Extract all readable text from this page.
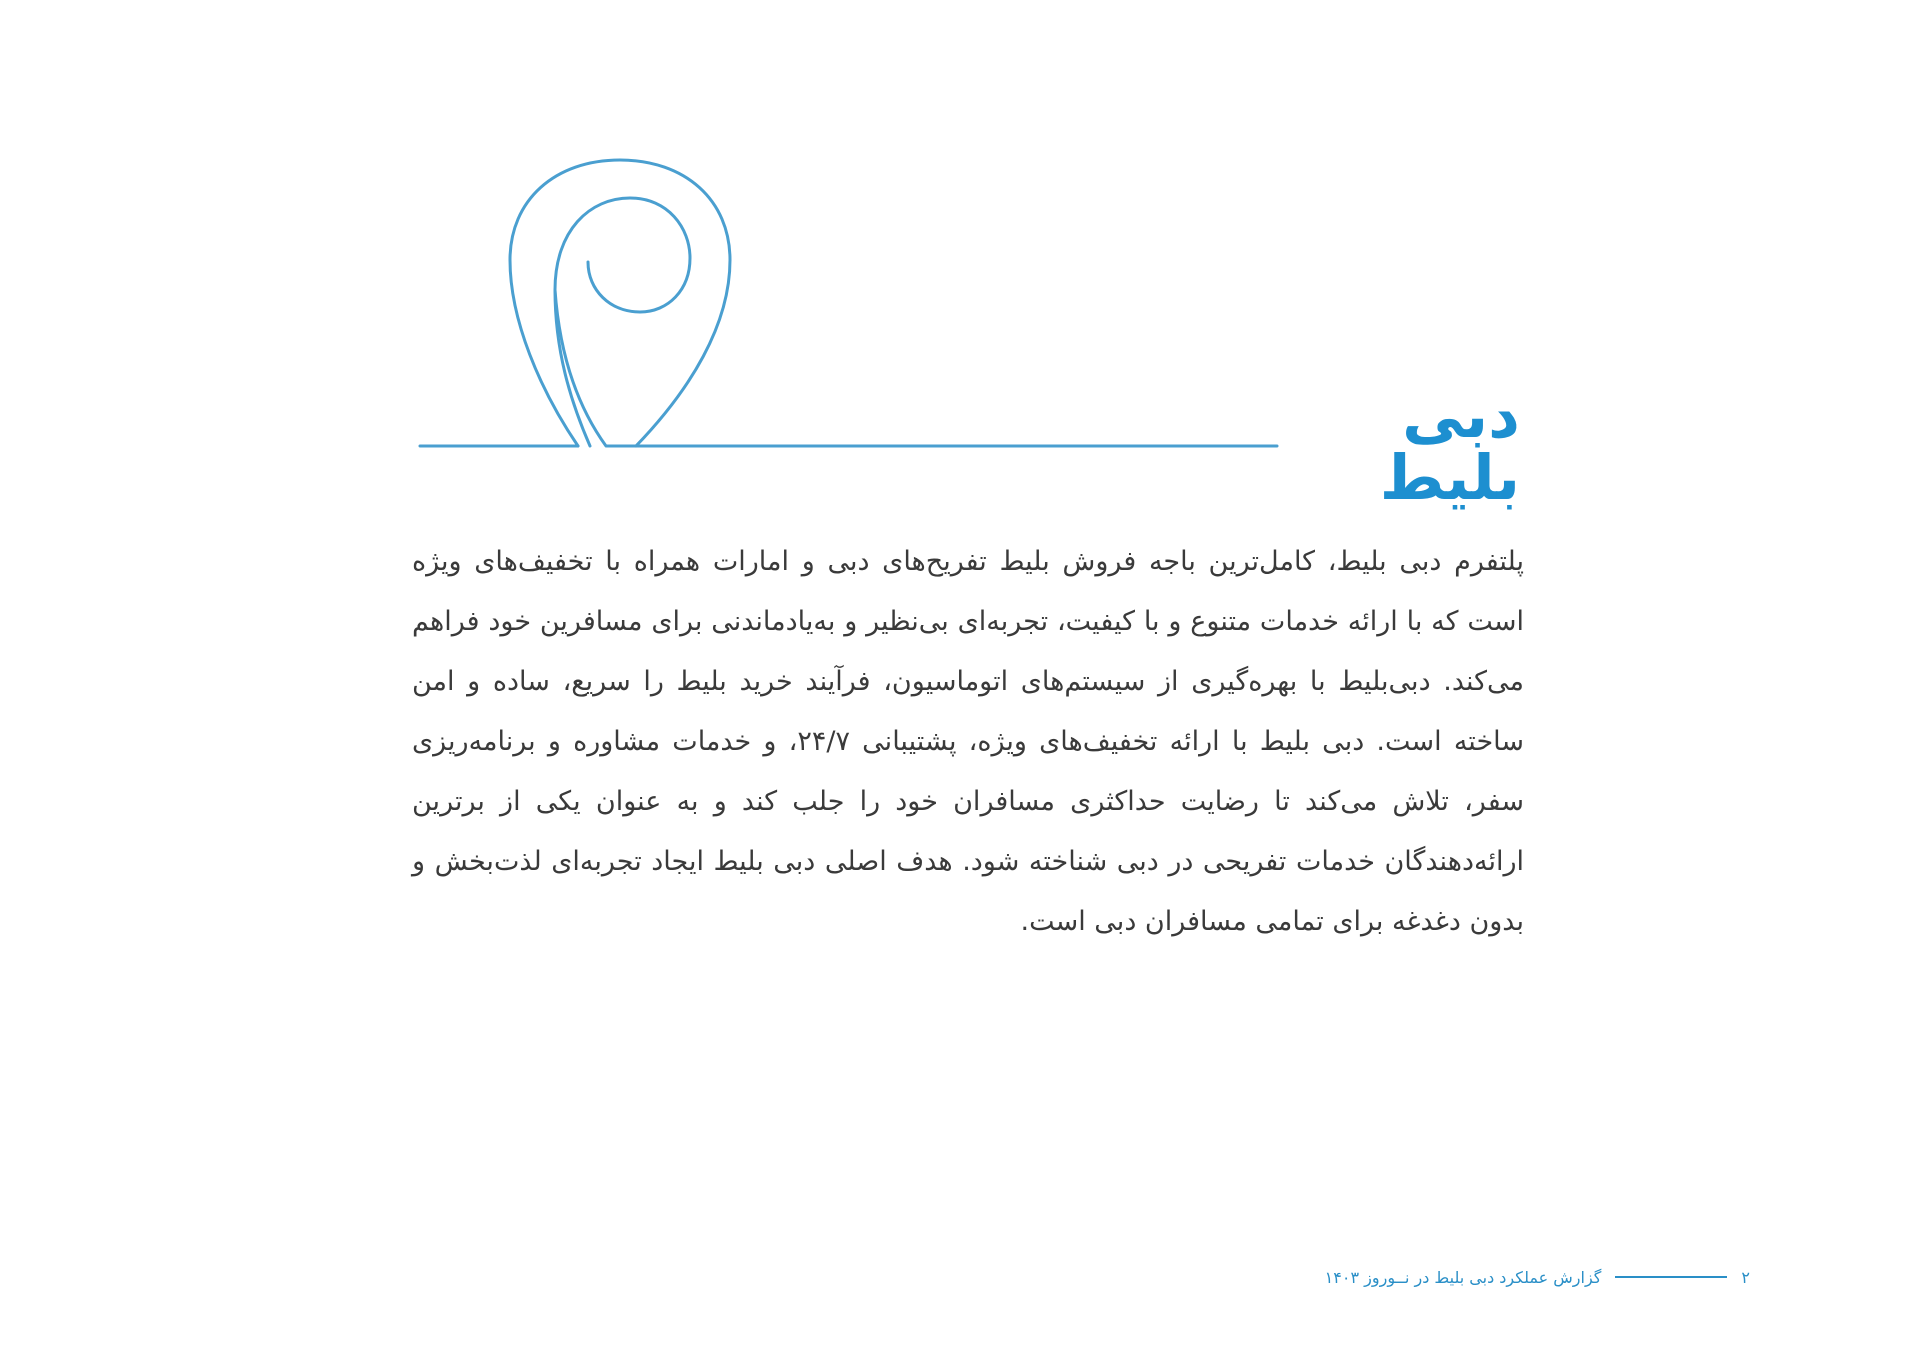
دبی بلیط

پلتفرم دبی بلیط، کامل‌ترین باجه فروش بلیط تفریح‌های دبی و امارات همراه با تخفیف‌های ویژه است که با ارائه خدمات متنوع و با کیفیت، تجربه‌ای بی‌نظیر و به‌یادماندنی برای مسافرین خود فراهم می‌کند. دبی‌بلیط با بهره‌گیری از سیستم‌های اتوماسیون، فرآیند خرید بلیط را سریع، ساده و امن ساخته است. دبی بلیط با ارائه تخفیف‌های ویژه، پشتیبانی ۲۴/۷، و خدمات مشاوره و برنامه‌ریزی سفر، تلاش می‌کند تا رضایت حداکثری مسافران خود را جلب کند و به عنوان یکی از برترین ارائه‌دهندگان خدمات تفریحی در دبی شناخته شود. هدف اصلی دبی بلیط ایجاد تجربه‌ای لذت‌بخش و بدون دغدغه برای تمامی مسافران دبی است.

گزارش عملکرد دبی بلیط در نــوروز ۱۴۰۳	۲
